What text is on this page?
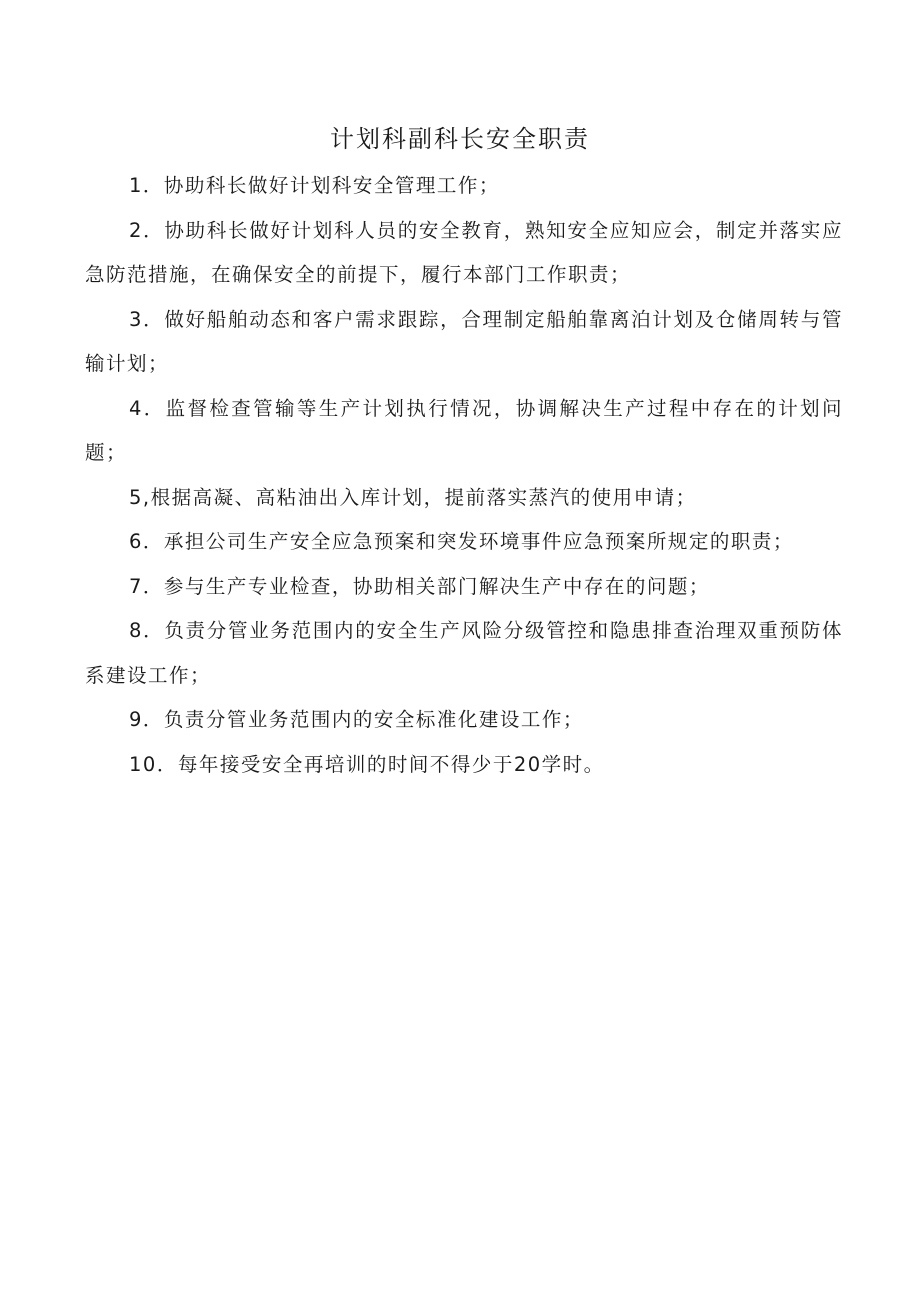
计划科副科长安全职责

1．协助科长做好计划科安全管理工作；

2．协助科长做好计划科人员的安全教育，熟知安全应知应会，制定并落实应急防范措施，在确保安全的前提下，履行本部门工作职责；

3．做好船舶动态和客户需求跟踪，合理制定船舶靠离泊计划及仓储周转与管输计划；

4．监督检查管输等生产计划执行情况，协调解决生产过程中存在的计划问题；

5,根据高凝、高粘油出入库计划，提前落实蒸汽的使用申请；

6．承担公司生产安全应急预案和突发环境事件应急预案所规定的职责；

7．参与生产专业检查，协助相关部门解决生产中存在的问题；

8．负责分管业务范围内的安全生产风险分级管控和隐患排查治理双重预防体系建设工作；

9．负责分管业务范围内的安全标准化建设工作；

10．每年接受安全再培训的时间不得少于20学时。
